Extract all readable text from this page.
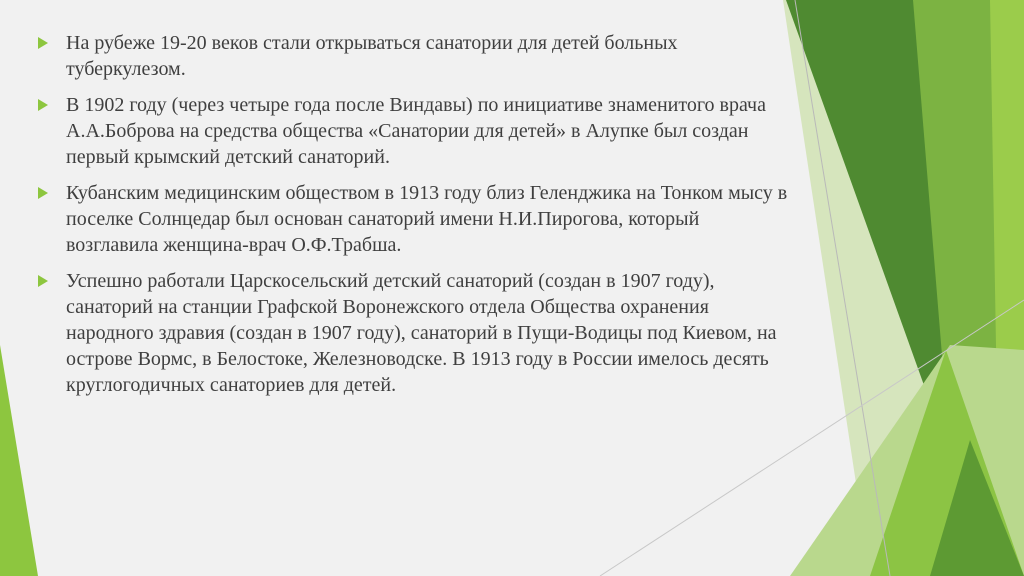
На рубеже 19-20 веков стали открываться санатории для детей больных туберкулезом.
В 1902 году (через четыре года после Виндавы) по инициативе знаменитого врача А.А.Боброва на средства общества «Санатории для детей» в Алупке был создан первый крымский детский санаторий.
Кубанским медицинским обществом в 1913 году близ Геленджика на Тонком мысу в поселке Солнцедар был основан санаторий имени Н.И.Пирогова, который возглавила женщина-врач О.Ф.Трабша.
Успешно работали Царскосельский детский санаторий (создан в 1907 году), санаторий на станции Графской Воронежского отдела Общества охранения народного здравия (создан в 1907 году), санаторий в Пущи-Водицы под Киевом, на острове Вормс, в Белостоке, Железноводске. В 1913 году в России имелось десять круглогодичных санаториев для детей.
